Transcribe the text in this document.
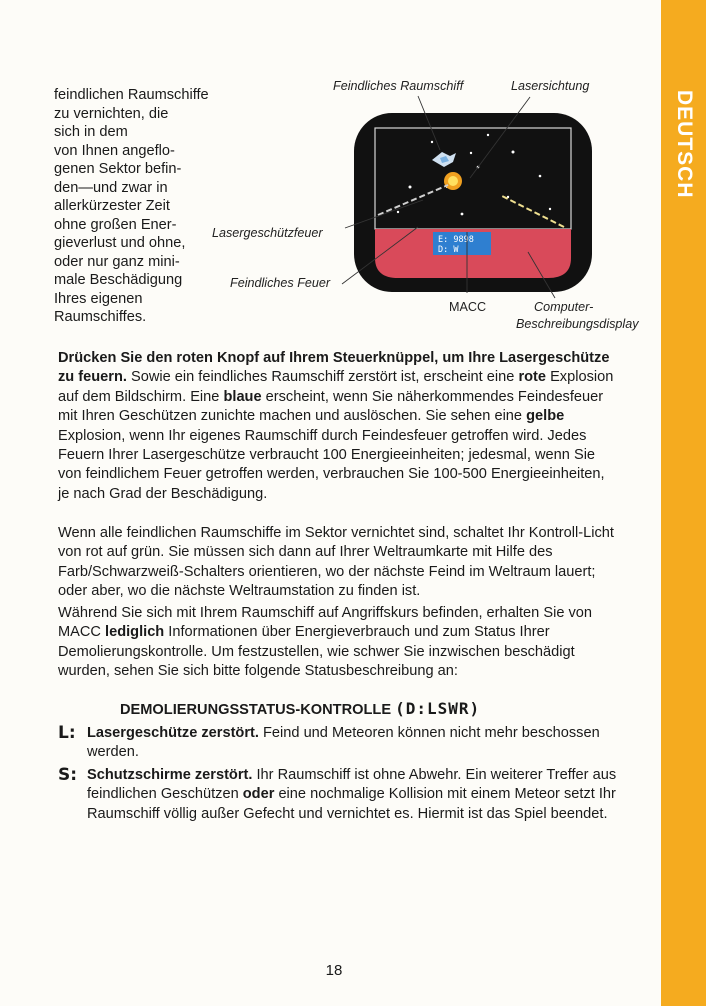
DEUTSCH
feindlichen Raumschiffe
zu vernichten, die
sich in dem
von Ihnen angeflo-
genen Sektor befin-
den—und zwar in
allerkürzester Zeit
ohne großen Ener-
gieverlust und ohne,
oder nur ganz mini-
male Beschädigung
Ihres eigenen
Raumschiffes.
E: 9898
D: W
Feindliches Raumschiff	Lasersichtung
Lasergeschützfeuer
Feindliches Feuer
MACC	Computer-
Beschreibungsdisplay

Drücken Sie den roten Knopf auf Ihrem Steuerknüppel, um Ihre Lasergeschütze zu feuern. Sowie ein feindliches Raumschiff zerstört ist, erscheint eine rote Explosion auf dem Bildschirm. Eine blaue erscheint, wenn Sie näherkommendes Feindesfeuer mit Ihren Geschützen zunichte machen und auslöschen. Sie sehen eine gelbe Explosion, wenn Ihr eigenes Raumschiff durch Feindesfeuer getroffen wird. Jedes Feuern Ihrer Lasergeschütze verbraucht 100 Energieeinheiten; jedesmal, wenn Sie von feindlichem Feuer getroffen werden, verbrauchen Sie 100-500 Energieeinheiten, je nach Grad der Beschädigung.

Wenn alle feindlichen Raumschiffe im Sektor vernichtet sind, schaltet Ihr Kontroll-Licht von rot auf grün. Sie müssen sich dann auf Ihrer Weltraumkarte mit Hilfe des Farb/Schwarzweiß-Schalters orientieren, wo der nächste Feind im Weltraum lauert; oder aber, wo die nächste Weltraumstation zu finden ist.
Während Sie sich mit Ihrem Raumschiff auf Angriffskurs befinden, erhalten Sie von MACC lediglich Informationen über Energieverbrauch und zum Status Ihrer Demolierungskontrolle. Um festzustellen, wie schwer Sie inzwischen beschädigt wurden, sehen Sie sich bitte folgende Statusbeschreibung an:
DEMOLIERUNGSSTATUS-KONTROLLE (D:LSWR)
L: Lasergeschütze zerstört. Feind und Meteoren können nicht mehr beschossen werden.
S: Schutzschirme zerstört. Ihr Raumschiff ist ohne Abwehr. Ein weiterer Treffer aus feindlichen Geschützen oder eine nochmalige Kollision mit einem Meteor setzt Ihr Raumschiff völlig außer Gefecht und vernichtet es. Hiermit ist das Spiel beendet.
18
